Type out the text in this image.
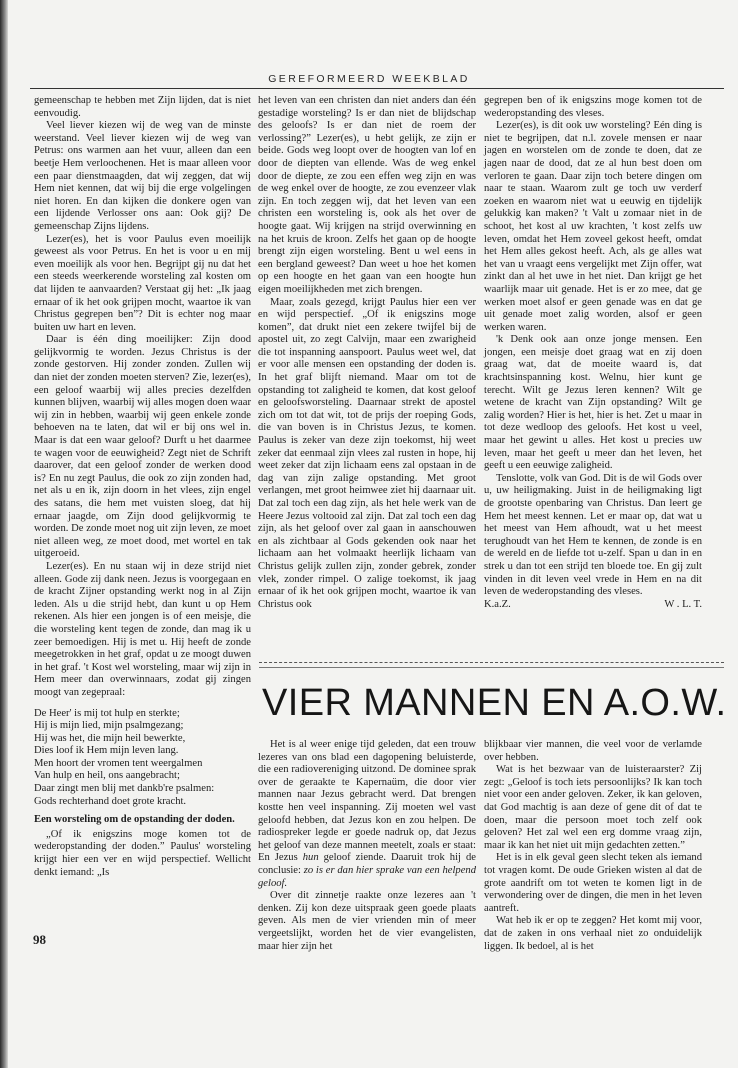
GEREFORMEERD WEEKBLAD

gemeenschap te hebben met Zijn lijden, dat is niet eenvoudig.

Veel liever kiezen wij de weg van de minste weerstand. Veel liever kiezen wij de weg van Petrus: ons warmen aan het vuur, alleen dan een beetje Hem verloochenen. Het is maar alleen voor een paar dienstmaagden, dat wij zeggen, dat wij Hem niet kennen, dat wij bij die erge volgelingen niet horen. En dan kijken die donkere ogen van een lijdende Verlosser ons aan: Ook gij? De gemeenschap Zijns lijdens.

Lezer(es), het is voor Paulus even moeilijk geweest als voor Petrus. En het is voor u en mij even moeilijk als voor hen. Begrijpt gij nu dat het een steeds weerkerende worsteling zal kosten om dat lijden te aanvaarden? Verstaat gij het: „Ik jaag ernaar of ik het ook grijpen mocht, waartoe ik van Christus gegrepen ben”? Dit is echter nog maar buiten uw hart en leven.

Daar is één ding moeilijker: Zijn dood gelijkvormig te worden. Jezus Christus is der zonde gestorven. Hij zonder zonden. Zullen wij dan niet der zonden moeten sterven? Zie, lezer(es), een geloof waarbij wij alles precies dezelfden kunnen blijven, waarbij wij alles mogen doen waar wij zin in hebben, waarbij wij geen enkele zonde behoeven na te laten, dat wil er bij ons wel in. Maar is dat een waar geloof? Durft u het daarmee te wagen voor de eeuwigheid? Zegt niet de Schrift daarover, dat een geloof zonder de werken dood is? En nu zegt Paulus, die ook zo zijn zonden had, net als u en ik, zijn doorn in het vlees, zijn engel des satans, die hem met vuisten sloeg, dat hij ernaar jaagde, om Zijn dood gelijkvormig te worden. De zonde moet nog uit zijn leven, ze moet niet alleen weg, ze moet dood, met wortel en tak uitgeroeid.

Lezer(es). En nu staan wij in deze strijd niet alleen. Gode zij dank neen. Jezus is voorgegaan en de kracht Zijner opstanding werkt nog in al Zijn leden. Als u die strijd hebt, dan kunt u op Hem rekenen. Als hier een jongen is of een meisje, die die worsteling kent tegen de zonde, dan mag ik u zeer bemoedigen. Hij is met u. Hij heeft de zonde meegetrokken in het graf, opdat u ze moogt duwen in het graf. 't Kost wel worsteling, maar wij zijn in Hem meer dan overwinnaars, zodat gij zingen moogt van zegepraal:

De Heer' is mij tot hulp en sterkte;
Hij is mijn lied, mijn psalmgezang;
Hij was het, die mijn heil bewerkte,
Dies loof ik Hem mijn leven lang.
Men hoort der vromen tent weergalmen
Van hulp en heil, ons aangebracht;
Daar zingt men blij met dankb're psalmen:
Gods rechterhand doet grote kracht.
Een worsteling om de opstanding der doden.

„Of ik enigszins moge komen tot de wederopstanding der doden.” Paulus' worsteling krijgt hier een ver en wijd perspectief. Wellicht denkt iemand: „Is

het leven van een christen dan niet anders dan één gestadige worsteling? Is er dan niet de blijdschap des geloofs? Is er dan niet de roem der verlossing?” Lezer(es), u hebt gelijk, ze zijn er beide. Gods weg loopt over de hoogten van lof en door de diepten van ellende. Was de weg enkel door de diepte, ze zou een effen weg zijn en was de weg enkel over de hoogte, ze zou evenzeer vlak zijn. En toch zeggen wij, dat het leven van een christen een worsteling is, ook als het over de hoogte gaat. Wij krijgen na strijd overwinning en na het kruis de kroon. Zelfs het gaan op de hoogte brengt zijn eigen worsteling. Bent u wel eens in een bergland geweest? Dan weet u hoe het komen op een hoogte en het gaan van een hoogte hun eigen moeilijkheden met zich brengen.

Maar, zoals gezegd, krijgt Paulus hier een ver en wijd perspectief. „Of ik enigszins moge komen”, dat drukt niet een zekere twijfel bij de apostel uit, zo zegt Calvijn, maar een zwarigheid die tot inspanning aanspoort. Paulus weet wel, dat er voor alle mensen een opstanding der doden is. In het graf blijft niemand. Maar om tot de opstanding tot zaligheid te komen, dat kost geloof en geloofsworsteling. Daarnaar strekt de apostel zich om tot dat wit, tot de prijs der roeping Gods, die van boven is in Christus Jezus, te komen. Paulus is zeker van deze zijn toekomst, hij weet zeker dat eenmaal zijn vlees zal rusten in hope, hij weet zeker dat zijn lichaam eens zal opstaan in de dag van zijn zalige opstanding. Met groot verlangen, met groot heimwee ziet hij daarnaar uit. Dat zal toch een dag zijn, als het hele werk van de Heere Jezus voltooid zal zijn. Dat zal toch een dag zijn, als het geloof over zal gaan in aanschouwen en als zichtbaar al Gods gekenden ook naar het lichaam aan het volmaakt heerlijk lichaam van Christus gelijk zullen zijn, zonder gebrek, zonder vlek, zonder rimpel. O zalige toekomst, ik jaag ernaar of ik het ook grijpen mocht, waartoe ik van Christus ook

gegrepen ben of ik enigszins moge komen tot de wederopstanding des vleses.

Lezer(es), is dit ook uw worsteling? Eén ding is niet te begrijpen, dat n.l. zovele mensen er naar jagen en worstelen om de zonde te doen, dat ze jagen naar de dood, dat ze al hun best doen om verloren te gaan. Daar zijn toch betere dingen om naar te staan. Waarom zult ge toch uw verderf zoeken en waarom niet wat u eeuwig en tijdelijk gelukkig kan maken? 't Valt u zomaar niet in de schoot, het kost al uw krachten, 't kost zelfs uw leven, omdat het Hem zoveel gekost heeft, omdat het Hem alles gekost heeft. Ach, als ge alles wat het van u vraagt eens vergelijkt met Zijn offer, wat zinkt dan al het uwe in het niet. Dan krijgt ge het waarlijk maar uit genade. Het is er zo mee, dat ge werken moet alsof er geen genade was en dat ge uit genade moet zalig worden, alsof er geen werken waren.

'k Denk ook aan onze jonge mensen. Een jongen, een meisje doet graag wat en zij doen graag wat, dat de moeite waard is, dat krachtsinspanning kost. Welnu, hier kunt ge terecht. Wilt ge Jezus leren kennen? Wilt ge wetene de kracht van Zijn opstanding? Wilt ge zalig worden? Hier is het, hier is het. Zet u maar in tot deze wedloop des geloofs. Het kost u veel, maar het gewint u alles. Het kost u precies uw leven, maar het geeft u meer dan het leven, het geeft u een eeuwige zaligheid.

Tenslotte, volk van God. Dit is de wil Gods over u, uw heiligmaking. Juist in de heiligmaking ligt de grootste openbaring van Christus. Dan leert ge Hem het meest kennen. Let er maar op, dat wat u het meest van Hem afhoudt, wat u het meest terughoudt van het Hem te kennen, de zonde is en de wereld en de liefde tot u-zelf. Span u dan in en strek u dan tot een strijd ten bloede toe. En gij zult vinden in dit leven veel vrede in Hem en na dit leven de wederopstanding des vleses.

K.a.Z.	W . L. T.
VIER MANNEN EN A.O.W.

Het is al weer enige tijd geleden, dat een trouw lezeres van ons blad een dagopening beluisterde, die een radiovereniging uitzond. De dominee sprak over de geraakte te Kapernaüm, die door vier mannen naar Jezus gebracht werd. Dat brengen kostte hen veel inspanning. Zij moeten wel vast geloofd hebben, dat Jezus kon en zou helpen. De radiospreker legde er goede nadruk op, dat Jezus het geloof van deze mannen meetelt, zoals er staat: En Jezus hun geloof ziende. Daaruit trok hij de conclusie: zo is er dan hier sprake van een helpend geloof.

Over dit zinnetje raakte onze lezeres aan 't denken. Zij kon deze uitspraak geen goede plaats geven. Als men de vier vrienden min of meer vergeetslijkt, worden het de vier evangelisten, maar hier zijn het

blijkbaar vier mannen, die veel voor de verlamde over hebben.

Wat is het bezwaar van de luisteraarster? Zij zegt: „Geloof is toch iets persoonlijks? Ik kan toch niet voor een ander geloven. Zeker, ik kan geloven, dat God machtig is aan deze of gene dit of dat te doen, maar die persoon moet toch zelf ook geloven? Het zal wel een erg domme vraag zijn, maar ik kan het niet uit mijn gedachten zetten.”

Het is in elk geval geen slecht teken als iemand tot vragen komt. De oude Grieken wisten al dat de grote aandrift om tot weten te komen ligt in de verwondering over de dingen, die men in het leven aantreft.

Wat heb ik er op te zeggen? Het komt mij voor, dat de zaken in ons verhaal niet zo onduidelijk liggen. Ik bedoel, al is het

98
